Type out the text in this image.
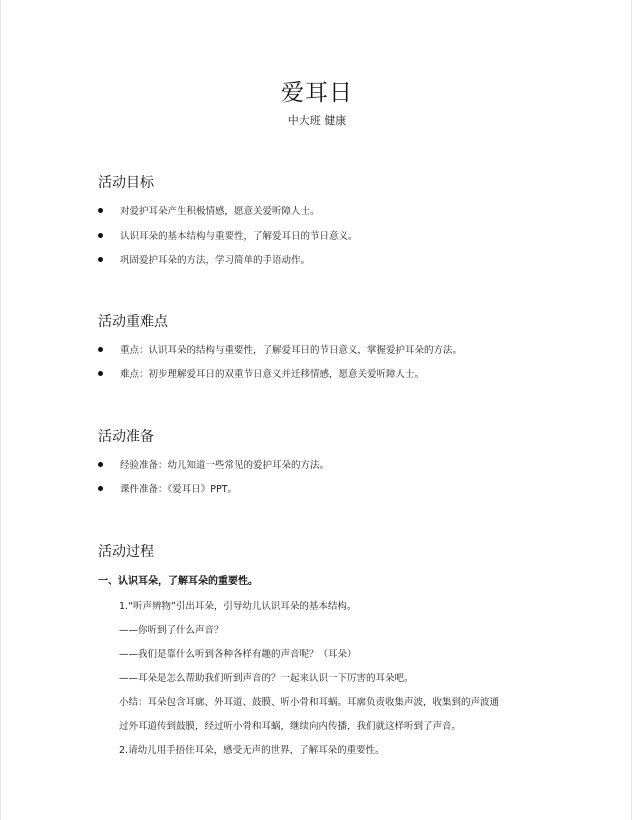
爱耳日
中大班 健康
活动目标
对爱护耳朵产生积极情感，愿意关爱听障人士。
认识耳朵的基本结构与重要性，了解爱耳日的节日意义。
巩固爱护耳朵的方法，学习简单的手语动作。
活动重难点
重点：认识耳朵的结构与重要性，了解爱耳日的节日意义，掌握爱护耳朵的方法。
难点：初步理解爱耳日的双重节日意义并迁移情感，愿意关爱听障人士。
活动准备
经验准备：幼儿知道一些常见的爱护耳朵的方法。
课件准备：《爱耳日》PPT。
活动过程
一、认识耳朵，了解耳朵的重要性。
1.“听声辨物”引出耳朵，引导幼儿认识耳朵的基本结构。
——你听到了什么声音？
——我们是靠什么听到各种各样有趣的声音呢？（耳朵）
——耳朵是怎么帮助我们听到声音的？一起来认识一下厉害的耳朵吧。
小结：耳朵包含耳廓、外耳道、鼓膜、听小骨和耳蜗。耳廓负责收集声波，收集到的声波通
过外耳道传到鼓膜，经过听小骨和耳蜗，继续向内传播，我们就这样听到了声音。
2.请幼儿用手捂住耳朵，感受无声的世界，了解耳朵的重要性。
